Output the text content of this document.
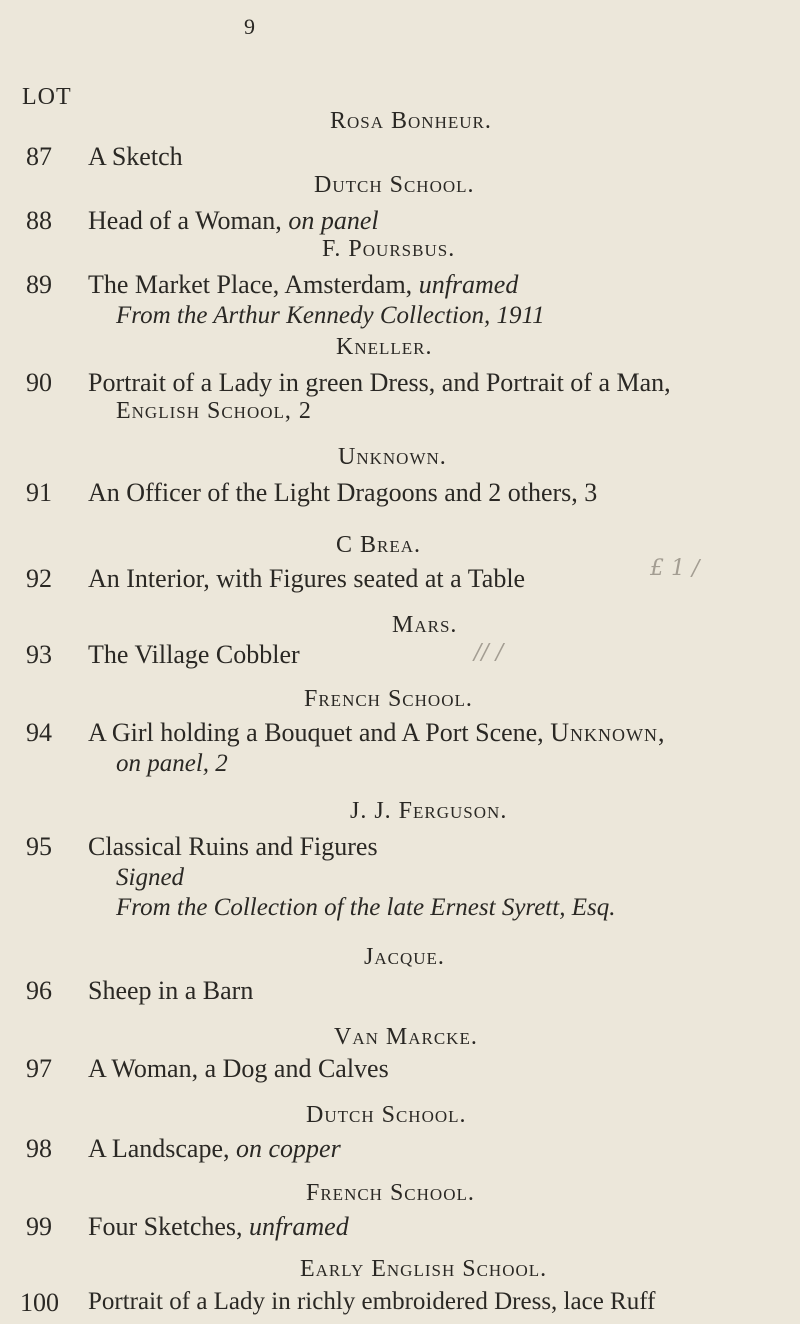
9
LOT
Rosa Bonheur.
87 A Sketch
Dutch School.
88 Head of a Woman, on panel
F. Poursbus.
89 The Market Place, Amsterdam, unframed
From the Arthur Kennedy Collection, 1911
Kneller.
90 Portrait of a Lady in green Dress, and Portrait of a Man,
English School, 2
Unknown.
91 An Officer of the Light Dragoons and 2 others, 3
C Brea.
92 An Interior, with Figures seated at a Table	£ 1 ∕
Mars.
93 The Village Cobbler	∕∕ ∕
French School.
94 A Girl holding a Bouquet and A Port Scene, Unknown,
on panel, 2
J. J. Ferguson.
95 Classical Ruins and Figures
Signed
From the Collection of the late Ernest Syrett, Esq.
Jacque.
96 Sheep in a Barn
Van Marcke.
97 A Woman, a Dog and Calves
Dutch School.
98 A Landscape, on copper
French School.
99 Four Sketches, unframed
Early English School.
100 Portrait of a Lady in richly embroidered Dress, lace Ruff
